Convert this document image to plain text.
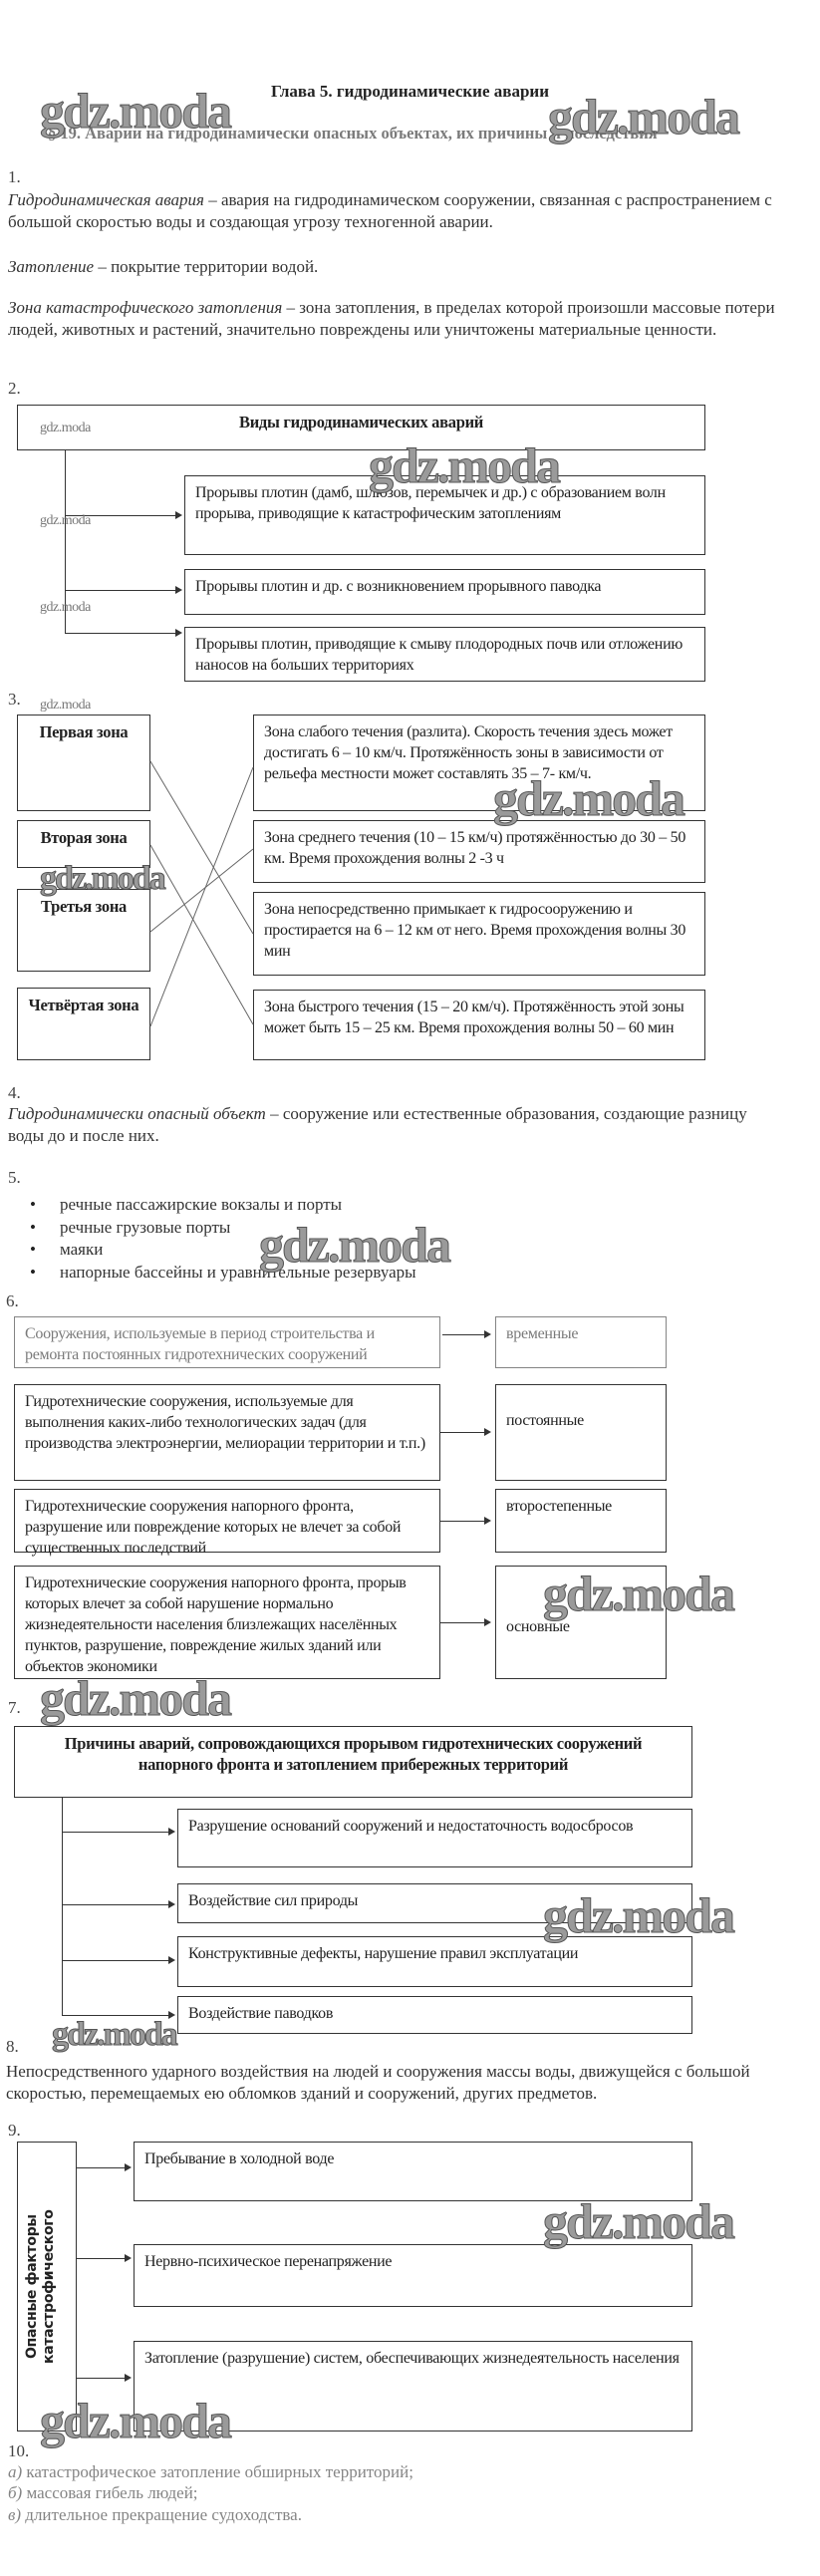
Глава 5. гидродинамические аварии
§ 19. Аварии на гидродинамически опасных объектах, их причины и последствия
1.
Гидродинамическая авария – авария на гидродинамическом сооружении, связанная с распространением с большой скоростью воды и создающая угрозу техногенной аварии.
Затопление – покрытие территории водой.
Зона катастрофического затопления – зона затопления, в пределах которой произошли массовые потери людей, животных и растений, значительно повреждены или уничтожены материальные ценности.
2.
Виды гидродинамических аварий
Прорывы плотин (дамб, шлюзов, перемычек и др.) с образованием волн прорыва, приводящие к катастрофическим затоплениям
Прорывы плотин и др. с возникновением прорывного паводка
Прорывы плотин, приводящие к смыву плодородных почв или отложению наносов на больших территориях
3.
Первая зона
Вторая зона
Третья зона
Четвёртая зона
Зона слабого течения (разлита). Скорость течения здесь может достигать 6 – 10 км/ч. Протяжённость зоны в зависимости от рельефа местности может составлять 35 – 7- км/ч.
Зона среднего течения (10 – 15 км/ч) протяжённостью до 30 – 50 км. Время прохождения волны 2 -3 ч
Зона непосредственно примыкает к гидросооружению и простирается на 6 – 12 км от него. Время прохождения волны 30 мин
Зона быстрого течения (15 – 20 км/ч). Протяжённость этой зоны может быть 15 – 25 км. Время прохождения волны 50 – 60 мин
4.
Гидродинамически опасный объект – сооружение или естественные образования, создающие разницу воды до и после них.
5.
• речные пассажирские вокзалы и порты
• речные грузовые порты
• маяки
• напорные бассейны и уравнительные резервуары
6.
Сооружения, используемые в период строительства и ремонта постоянных гидротехнических сооружений
Гидротехнические сооружения, используемые для выполнения каких-либо технологических задач (для производства электроэнергии, мелиорации территории и т.п.)
Гидротехнические сооружения напорного фронта, разрушение или повреждение которых не влечет за собой существенных последствий
Гидротехнические сооружения напорного фронта, прорыв которых влечет за собой нарушение нормально жизнедеятельности населения близлежащих населённых пунктов, разрушение, повреждение жилых зданий или объектов экономики
временные
постоянные
второстепенные
основные
7.
Причины аварий, сопровождающихся прорывом гидротехнических сооружений напорного фронта и затоплением прибережных территорий
Разрушение оснований сооружений и недостаточность водосбросов
Воздействие сил природы
Конструктивные дефекты, нарушение правил эксплуатации
Воздействие паводков
8.
Непосредственного ударного воздействия на людей и сооружения массы воды, движущейся с большой скоростью, перемещаемых ею обломков зданий и сооружений, других предметов.
9.
Опасные факторы катастрофического
Пребывание в холодной воде
Нервно-психическое перенапряжение
Затопление (разрушение) систем, обеспечивающих жизнедеятельность населения
10.
а) катастрофическое затопление обширных территорий;
б) массовая гибель людей;
в) длительное прекращение судоходства.
gdz.moda	gdz.moda
gdz.moda
gdz.moda
gdz.moda
gdz.moda
gdz.moda
gdz.moda
gdz.moda
gdz.moda
gdz.moda
gdz.moda
gdz.moda
gdz.moda
gdz.moda
gdz.moda
